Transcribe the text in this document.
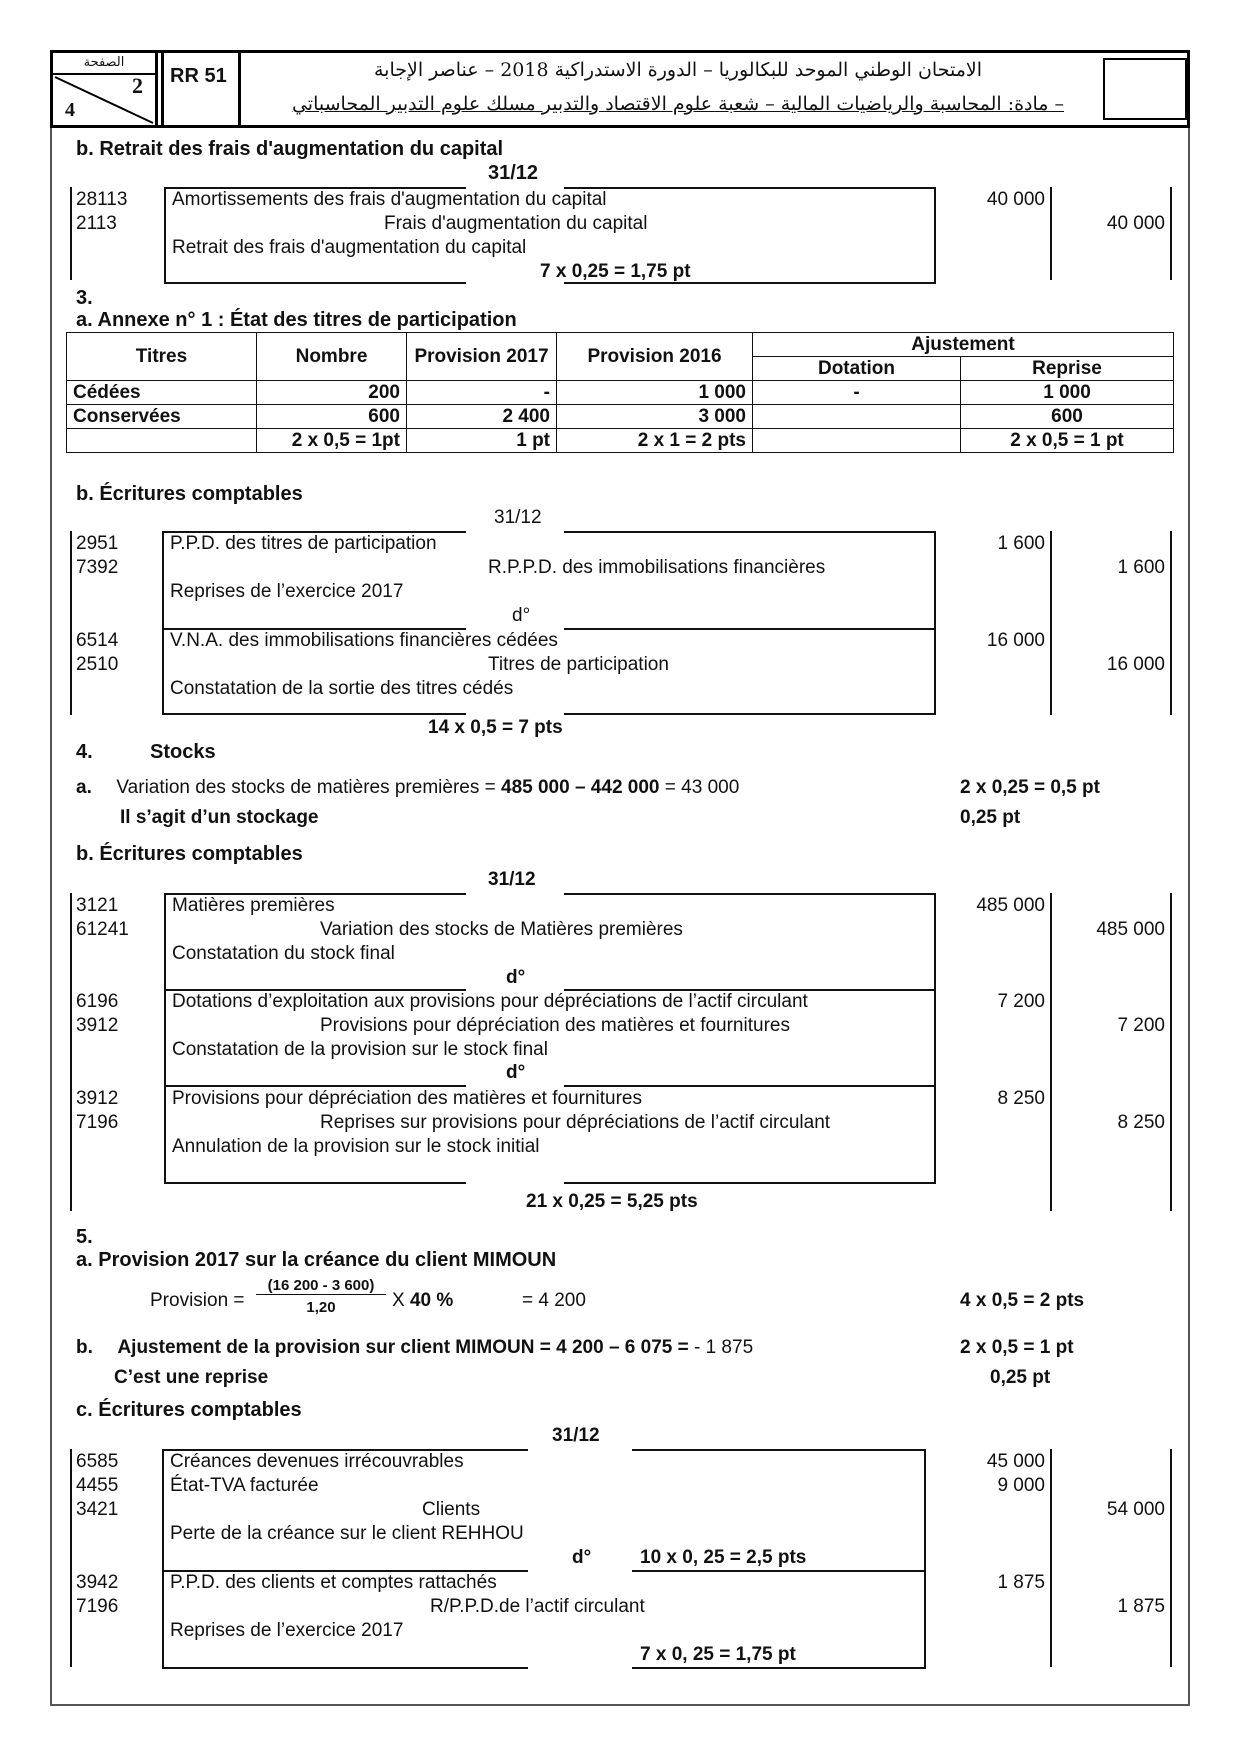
الصفحة
2
4
RR 51	الامتحان الوطني الموحد للبكالوريا – الدورة الاستدراكية 2018 – عناصر الإجابة
– مادة: المحاسبة والرياضيات المالية – شعبة علوم الاقتصاد والتدبير مسلك علوم التدبير المحاسباتي
b. Retrait des frais d'augmentation du capital
31/12
28113 Amortissements des frais d'augmentation du capital	40 000
2113	Frais d'augmentation du capital	40 000
Retrait des frais d'augmentation du capital
7 x 0,25 = 1,75 pt
3.
a. Annexe n° 1 : État des titres de participation
Titres	Nombre	Provision 2017	Provision 2016	Ajustement	
				Dotation	Reprise
Cédées	200	-	1 000	-	1 000
Conservées	600	2 400	3 000		600
	2 x 0,5 = 1pt	1 pt	2 x 1 = 2 pts		2 x 0,5 = 1 pt
b. Écritures comptables
31/12
2951	P.P.D. des titres de participation	1 600
7392	R.P.P.D. des immobilisations financières	1 600
Reprises de l’exercice 2017
d°
6514	V.N.A. des immobilisations financières cédées	16 000
2510	Titres de participation	16 000
Constatation de la sortie des titres cédés
14 x 0,5 = 7 pts
4.	Stocks
a. Variation des stocks de matières premières = 485 000 – 442 000 = 43 000	2 x 0,25 = 0,5 pt
Il s’agit d’un stockage	0,25 pt
b. Écritures comptables
31/12
3121	Matières premières	485 000
61241	Variation des stocks de Matières premières	485 000
Constatation du stock final
d°
6196	Dotations d’exploitation aux provisions pour dépréciations de l’actif circulant	7 200
3912	Provisions pour dépréciation des matières et fournitures	7 200
Constatation de la provision sur le stock final
d°
3912	Provisions pour dépréciation des matières et fournitures	8 250
7196	Reprises sur provisions pour dépréciations de l’actif circulant	8 250
Annulation de la provision sur le stock initial
21 x 0,25 = 5,25 pts
5.
a. Provision 2017 sur la créance du client MIMOUN
Provision = $\frac{(16 200 - 3 600)}{1,20}$ X 40 %	= 4 200	4 x 0,5 = 2 pts
b. Ajustement de la provision sur client MIMOUN = 4 200 – 6 075 = - 1 875	2 x 0,5 = 1 pt
C’est une reprise	0,25 pt
c. Écritures comptables
31/12
6585	Créances devenues irrécouvrables	45 000
4455	État-TVA facturée	9 000
3421	Clients	54 000
Perte de la créance sur le client REHHOU
d°	10 x 0, 25 = 2,5 pts
3942	P.P.D. des clients et comptes rattachés	1 875
7196	R/P.P.D.de l’actif circulant	1 875
Reprises de l’exercice 2017
7 x 0, 25 = 1,75 pt
